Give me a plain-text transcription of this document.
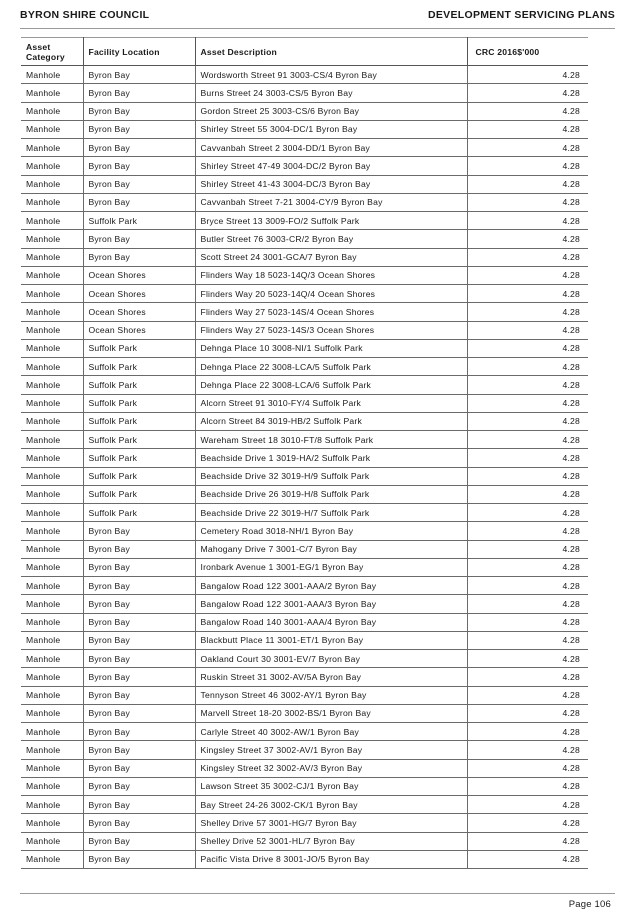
BYRON SHIRE COUNCIL	DEVELOPMENT SERVICING PLANS
Asset Category	Facility Location	Asset Description	CRC 2016$'000
Manhole	Byron Bay	Wordsworth Street 91 3003-CS/4 Byron Bay	4.28
Manhole	Byron Bay	Burns Street 24 3003-CS/5 Byron Bay	4.28
Manhole	Byron Bay	Gordon Street 25 3003-CS/6 Byron Bay	4.28
Manhole	Byron Bay	Shirley Street 55 3004-DC/1 Byron Bay	4.28
Manhole	Byron Bay	Cavvanbah Street 2 3004-DD/1 Byron Bay	4.28
Manhole	Byron Bay	Shirley Street 47-49 3004-DC/2 Byron Bay	4.28
Manhole	Byron Bay	Shirley Street 41-43 3004-DC/3 Byron Bay	4.28
Manhole	Byron Bay	Cavvanbah Street 7-21 3004-CY/9 Byron Bay	4.28
Manhole	Suffolk Park	Bryce Street 13 3009-FO/2 Suffolk Park	4.28
Manhole	Byron Bay	Butler Street 76 3003-CR/2 Byron Bay	4.28
Manhole	Byron Bay	Scott Street 24 3001-GCA/7 Byron Bay	4.28
Manhole	Ocean Shores	Flinders Way 18 5023-14Q/3 Ocean Shores	4.28
Manhole	Ocean Shores	Flinders Way 20 5023-14Q/4 Ocean Shores	4.28
Manhole	Ocean Shores	Flinders Way 27 5023-14S/4 Ocean Shores	4.28
Manhole	Ocean Shores	Flinders Way 27 5023-14S/3 Ocean Shores	4.28
Manhole	Suffolk Park	Dehnga Place 10 3008-NI/1 Suffolk Park	4.28
Manhole	Suffolk Park	Dehnga Place 22 3008-LCA/5 Suffolk Park	4.28
Manhole	Suffolk Park	Dehnga Place 22 3008-LCA/6 Suffolk Park	4.28
Manhole	Suffolk Park	Alcorn Street 91 3010-FY/4 Suffolk Park	4.28
Manhole	Suffolk Park	Alcorn Street 84 3019-HB/2 Suffolk Park	4.28
Manhole	Suffolk Park	Wareham Street 18 3010-FT/8 Suffolk Park	4.28
Manhole	Suffolk Park	Beachside Drive 1 3019-HA/2 Suffolk Park	4.28
Manhole	Suffolk Park	Beachside Drive 32 3019-H/9 Suffolk Park	4.28
Manhole	Suffolk Park	Beachside Drive 26 3019-H/8 Suffolk Park	4.28
Manhole	Suffolk Park	Beachside Drive 22 3019-H/7 Suffolk Park	4.28
Manhole	Byron Bay	Cemetery Road 3018-NH/1 Byron Bay	4.28
Manhole	Byron Bay	Mahogany Drive 7 3001-C/7 Byron Bay	4.28
Manhole	Byron Bay	Ironbark Avenue 1 3001-EG/1 Byron Bay	4.28
Manhole	Byron Bay	Bangalow Road 122 3001-AAA/2 Byron Bay	4.28
Manhole	Byron Bay	Bangalow Road 122 3001-AAA/3 Byron Bay	4.28
Manhole	Byron Bay	Bangalow Road 140 3001-AAA/4 Byron Bay	4.28
Manhole	Byron Bay	Blackbutt Place 11 3001-ET/1 Byron Bay	4.28
Manhole	Byron Bay	Oakland Court 30 3001-EV/7 Byron Bay	4.28
Manhole	Byron Bay	Ruskin Street 31 3002-AV/5A Byron Bay	4.28
Manhole	Byron Bay	Tennyson Street 46 3002-AY/1 Byron Bay	4.28
Manhole	Byron Bay	Marvell Street 18-20 3002-BS/1 Byron Bay	4.28
Manhole	Byron Bay	Carlyle Street 40 3002-AW/1 Byron Bay	4.28
Manhole	Byron Bay	Kingsley Street 37 3002-AV/1 Byron Bay	4.28
Manhole	Byron Bay	Kingsley Street 32 3002-AV/3 Byron Bay	4.28
Manhole	Byron Bay	Lawson Street 35 3002-CJ/1 Byron Bay	4.28
Manhole	Byron Bay	Bay Street 24-26 3002-CK/1 Byron Bay	4.28
Manhole	Byron Bay	Shelley Drive 57 3001-HG/7 Byron Bay	4.28
Manhole	Byron Bay	Shelley Drive 52 3001-HL/7 Byron Bay	4.28
Manhole	Byron Bay	Pacific Vista Drive 8 3001-JO/5 Byron Bay	4.28
Page 106
